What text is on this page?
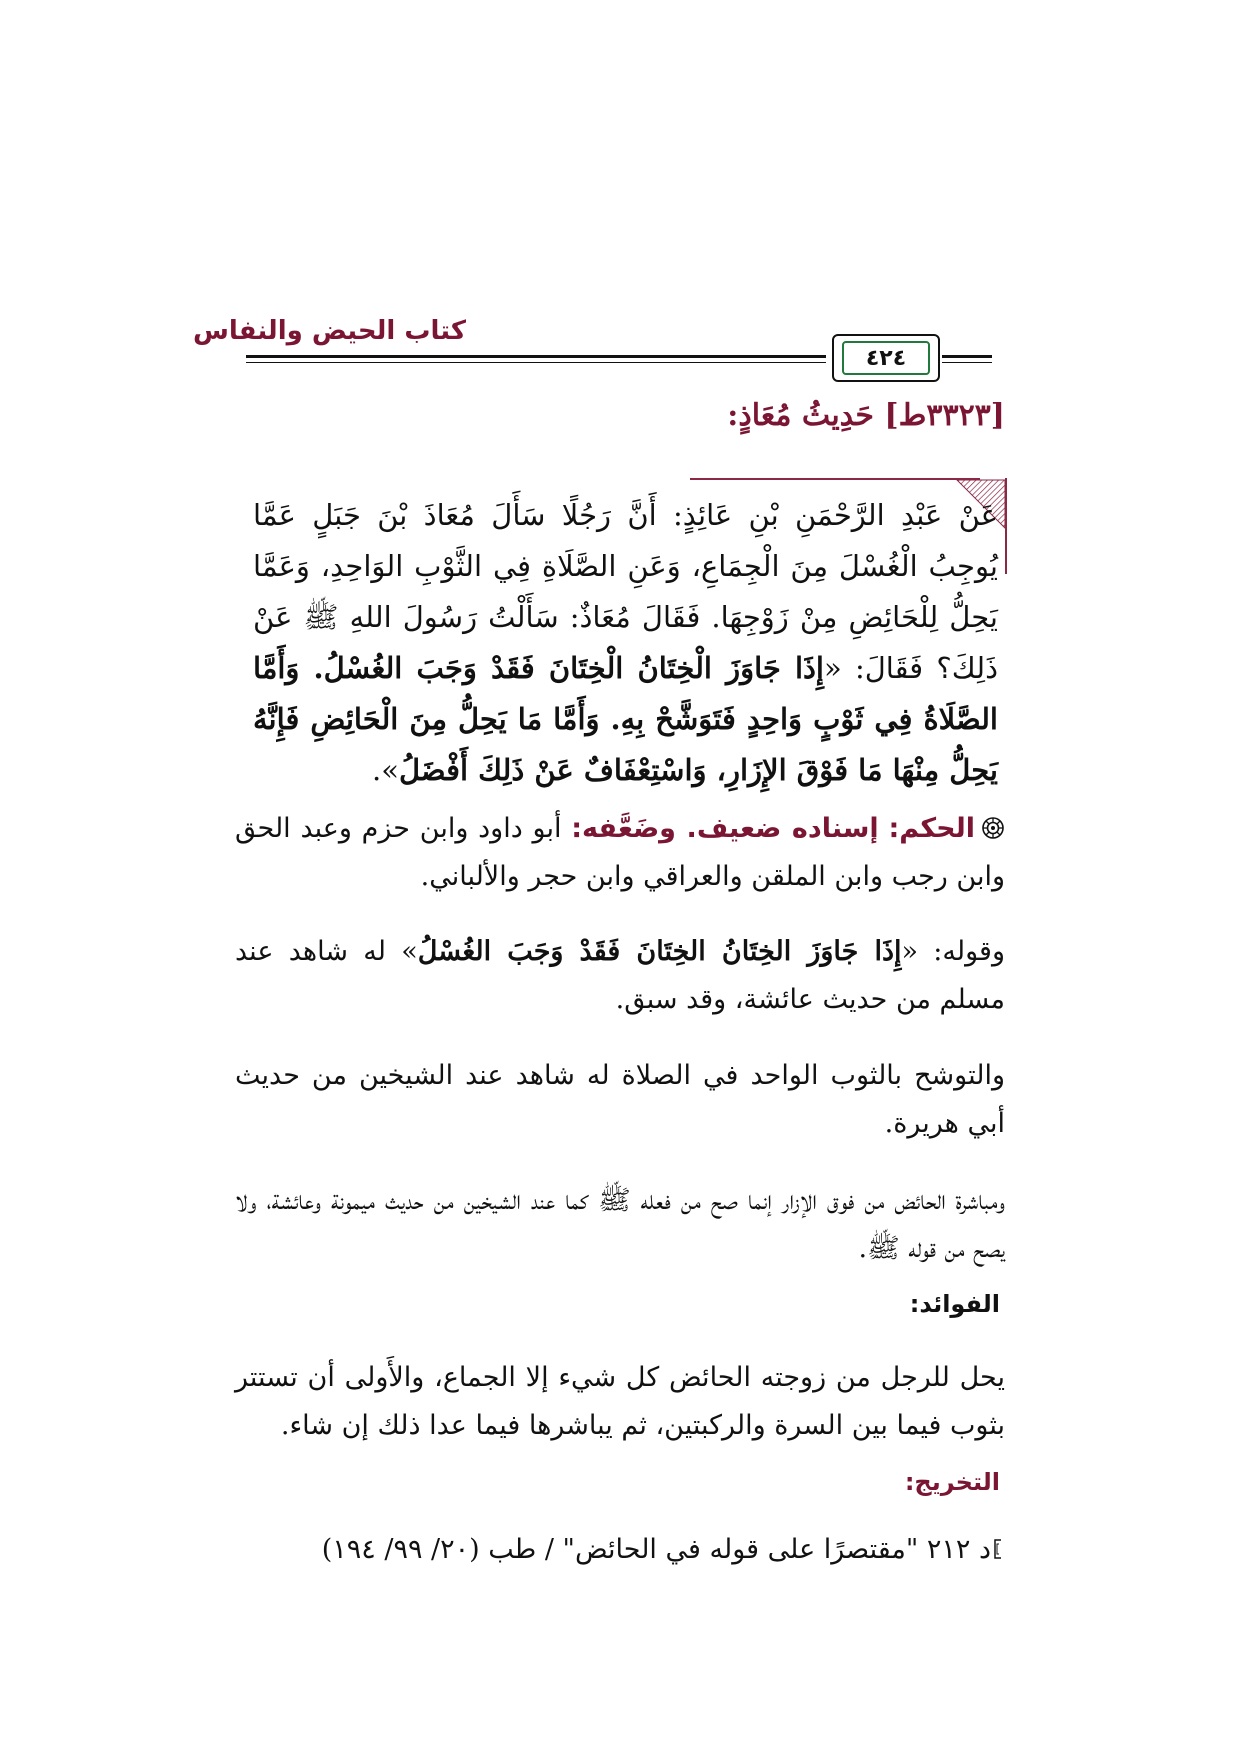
كتاب الحيض والنفاس
٤٢٤
[٣٣٢٣ط] حَدِيثُ مُعَاذٍ:
عَنْ عَبْدِ الرَّحْمَنِ بْنِ عَائِذٍ: أَنَّ رَجُلًا سَأَلَ مُعَاذَ بْنَ جَبَلٍ عَمَّا يُوجِبُ الْغُسْلَ مِنَ الْجِمَاعِ، وَعَنِ الصَّلَاةِ فِي الثَّوْبِ الوَاحِدِ، وَعَمَّا يَحِلُّ لِلْحَائِضِ مِنْ زَوْجِهَا. فَقَالَ مُعَاذٌ: سَأَلْتُ رَسُولَ اللهِ ﷺ عَنْ ذَلِكَ؟ فَقَالَ: «إِذَا جَاوَزَ الْخِتَانُ الْخِتَانَ فَقَدْ وَجَبَ الغُسْلُ. وَأَمَّا الصَّلَاةُ فِي ثَوْبٍ وَاحِدٍ فَتَوَشَّحْ بِهِ. وَأَمَّا مَا يَحِلُّ مِنَ الْحَائِضِ فَإِنَّهُ يَحِلُّ مِنْهَا مَا فَوْقَ الإِزَارِ، وَاسْتِعْفَافٌ عَنْ ذَلِكَ أَفْضَلُ».
الحكم: إسناده ضعيف. وضَعَّفه: أبو داود وابن حزم وعبد الحق وابن رجب وابن الملقن والعراقي وابن حجر والألباني.
وقوله: «إِذَا جَاوَزَ الخِتَانُ الخِتَانَ فَقَدْ وَجَبَ الغُسْلُ» له شاهد عند مسلم من حديث عائشة، وقد سبق.
والتوشح بالثوب الواحد في الصلاة له شاهد عند الشيخين من حديث أبي هريرة.
ومباشرة الحائض من فوق الإزار إنما صح من فعله ﷺ كما عند الشيخين من حديث ميمونة وعائشة، ولا يصح من قوله ﷺ.
الفوائد:
يحل للرجل من زوجته الحائض كل شيء إلا الجماع، والأَولى أن تستتر بثوب فيما بين السرة والركبتين، ثم يباشرها فيما عدا ذلك إن شاء.
التخريج:
د ٢١٢ "مقتصرًا على قوله في الحائض" / طب (٢٠/ ٩٩/ ١٩٤)
